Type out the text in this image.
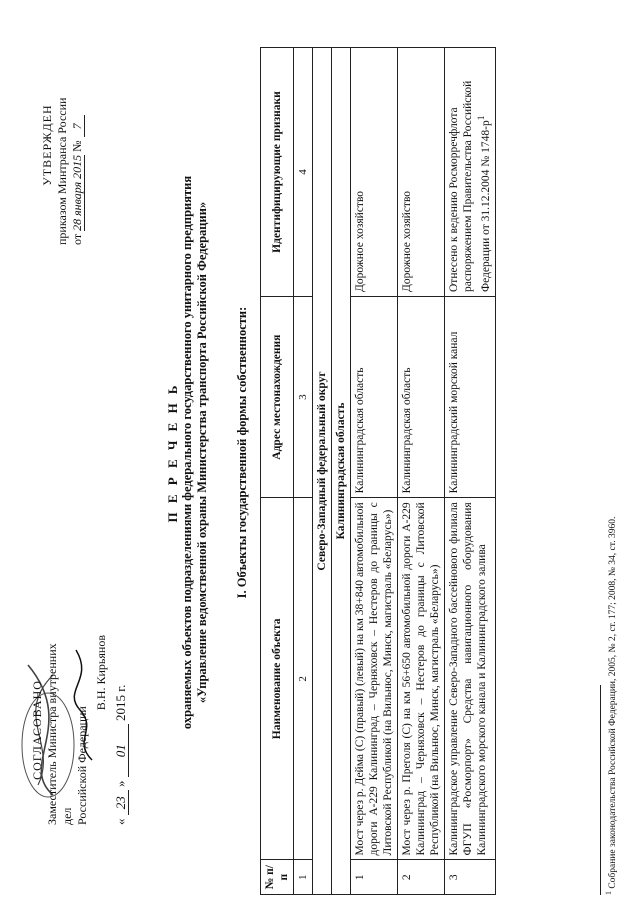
СОГЛАСОВАНО Заместитель Министра внутренних дел Российской Федерации
В.Н. Кирьянов
« 23 » 01 2015 г.
УТВЕРЖДЕН приказом Минтранса России от 28 января 2015 № 7
П Е Р Е Ч Е Н Ь охраняемых объектов подразделениями федерального государственного унитарного предприятия «Управление ведомственной охраны Министерства транспорта Российской Федерации» I. Объекты государственной формы собственности:
№ п/п	Наименование объекта	Адрес местонахождения	Идентифицирующие признаки
1	2	3	4
Северо-Западный федеральный округ			
Калининградская область			
1	Мост через р. Дейма (С) (правый) (левый) на км 38+840 автомобильной дороги А-229 Калининград – Черняховск – Нестеров до границы с Литовской Республикой (на Вильнюс, Минск, магистраль «Беларусь»)	Калининградская область	Дорожное хозяйство
2	Мост через р. Преголя (С) на км 56+650 автомобильной дороги А-229 Калининград – Черняховск – Нестеров до границы с Литовской Республикой (на Вильнюс, Минск, магистраль «Беларусь»)	Калининградская область	Дорожное хозяйство
3	Калининградское управление Северо-Западного бассейнового филиала ФГУП «Росморпорт» Средства навигационного оборудования Калининградского морского канала и Калининградского залива	Калининградский морской канал	Отнесено к ведению Росморречфлота распоряжением Правительства Российской Федерации от 31.12.2004 № $1748-р^1$
$^1$ Собрание законодательства Российской Федерации, 2005, № 2, ст. 177; 2008, № 34, ст. 3960.
